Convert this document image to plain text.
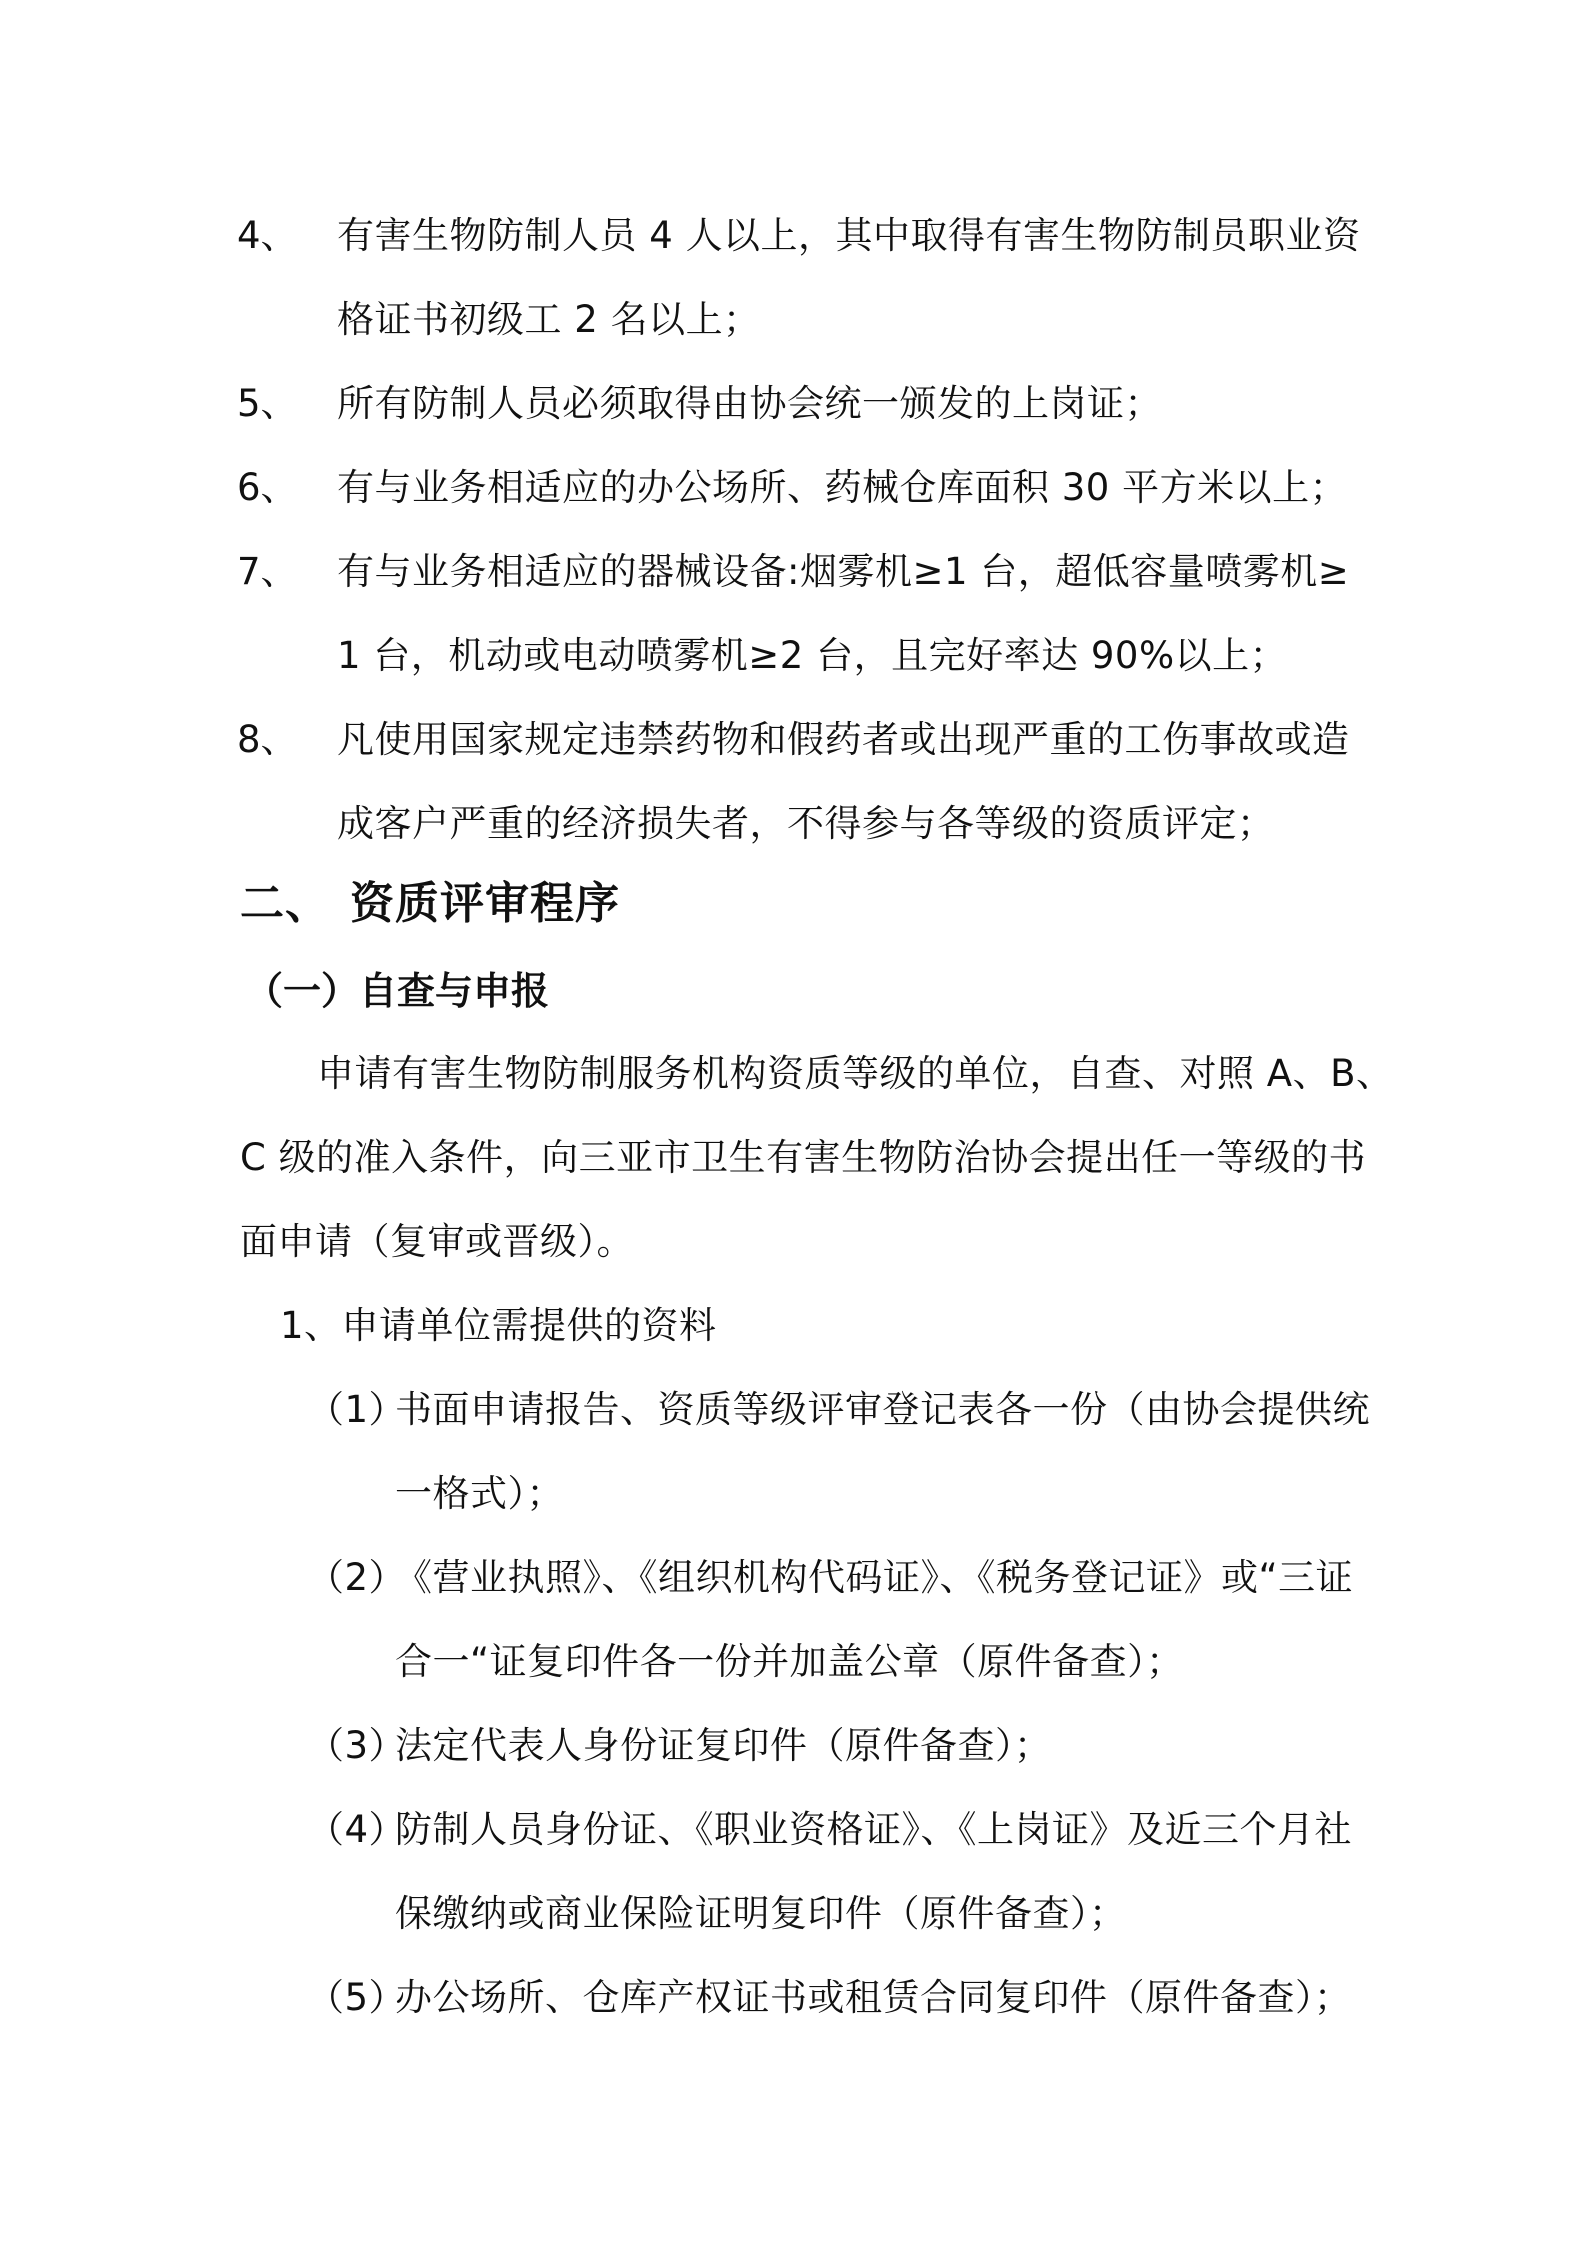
4、 有害生物防制人员 4 人以上，其中取得有害生物防制员职业资
格证书初级工 2 名以上；
5、 所有防制人员必须取得由协会统一颁发的上岗证；
6、 有与业务相适应的办公场所、药械仓库面积 30 平方米以上；
7、 有与业务相适应的器械设备:烟雾机≥1 台，超低容量喷雾机≥
1 台，机动或电动喷雾机≥2 台，且完好率达 90%以上；
8、 凡使用国家规定违禁药物和假药者或出现严重的工伤事故或造
成客户严重的经济损失者，不得参与各等级的资质评定；
二、 资质评审程序
（一）自查与申报
申请有害生物防制服务机构资质等级的单位，自查、对照 A、B、
C 级的准入条件，向三亚市卫生有害生物防治协会提出任一等级的书
面申请（复审或晋级）。
1、申请单位需提供的资料
（1）
书面申请报告、资质等级评审登记表各一份（由协会提供统
一格式）；
（2）
《营业执照》、《组织机构代码证》、《税务登记证》或“三证
合一“证复印件各一份并加盖公章（原件备查）；
（3）
法定代表人身份证复印件（原件备查）；
（4）
防制人员身份证、《职业资格证》、《上岗证》及近三个月社
保缴纳或商业保险证明复印件（原件备查）；
（5）
办公场所、仓库产权证书或租赁合同复印件（原件备查）；
